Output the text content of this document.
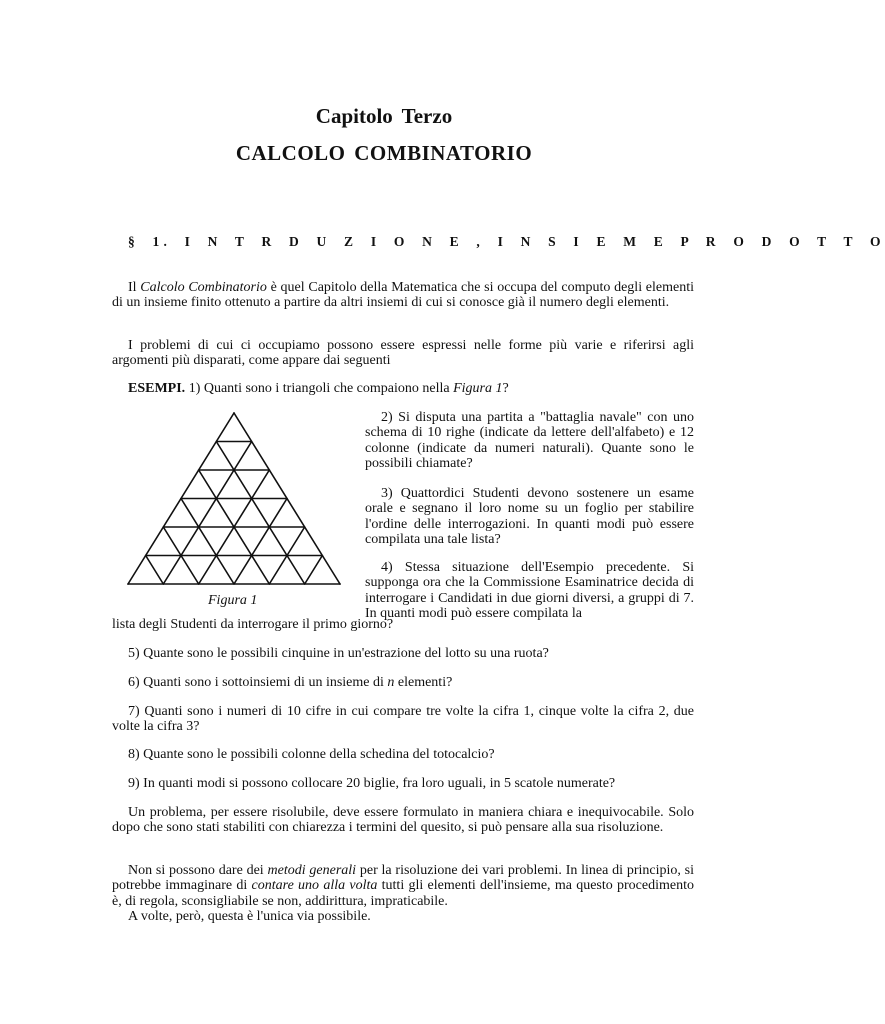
Capitolo Terzo
CALCOLO COMBINATORIO
§ 1. I N T R D U Z I O N E , I N S I E M E P R O D O T T O

Il Calcolo Combinatorio è quel Capitolo della Matematica che si occupa del computo degli elementi di un insieme finito ottenuto a partire da altri insiemi di cui si conosce già il numero degli elementi.

I problemi di cui ci occupiamo possono essere espressi nelle forme più varie e riferirsi agli argomenti più disparati, come appare dai seguenti

ESEMPI. 1) Quanti sono i triangoli che compaiono nella Figura 1?
Figura 1

2) Si disputa una partita a "battaglia navale" con uno schema di 10 righe (indicate da lettere dell'alfabeto) e 12 colonne (indicate da numeri naturali). Quante sono le possibili chiamate?

3) Quattordici Studenti devono sostenere un esame orale e segnano il loro nome su un foglio per stabilire l'ordine delle interrogazioni. In quanti modi può essere compilata una tale lista?

4) Stessa situazione dell'Esempio precedente. Si supponga ora che la Commissione Esaminatrice decida di interrogare i Candidati in due giorni diversi, a gruppi di 7. In quanti modi può essere compilata la

lista degli Studenti da interrogare il primo giorno?
5) Quante sono le possibili cinquine in un'estrazione del lotto su una ruota?
6) Quanti sono i sottoinsiemi di un insieme di n elementi?

7) Quanti sono i numeri di 10 cifre in cui compare tre volte la cifra 1, cinque volte la cifra 2, due volte la cifra 3?

8) Quante sono le possibili colonne della schedina del totocalcio?
9) In quanti modi si possono collocare 20 biglie, fra loro uguali, in 5 scatole numerate?

Un problema, per essere risolubile, deve essere formulato in maniera chiara e inequivocabile. Solo dopo che sono stati stabiliti con chiarezza i termini del quesito, si può pensare alla sua risoluzione.

Non si possono dare dei metodi generali per la risoluzione dei vari problemi. In linea di principio, si potrebbe immaginare di contare uno alla volta tutti gli elementi dell'insieme, ma questo procedimento è, di regola, sconsigliabile se non, addirittura, impraticabile.

A volte, però, questa è l'unica via possibile.
